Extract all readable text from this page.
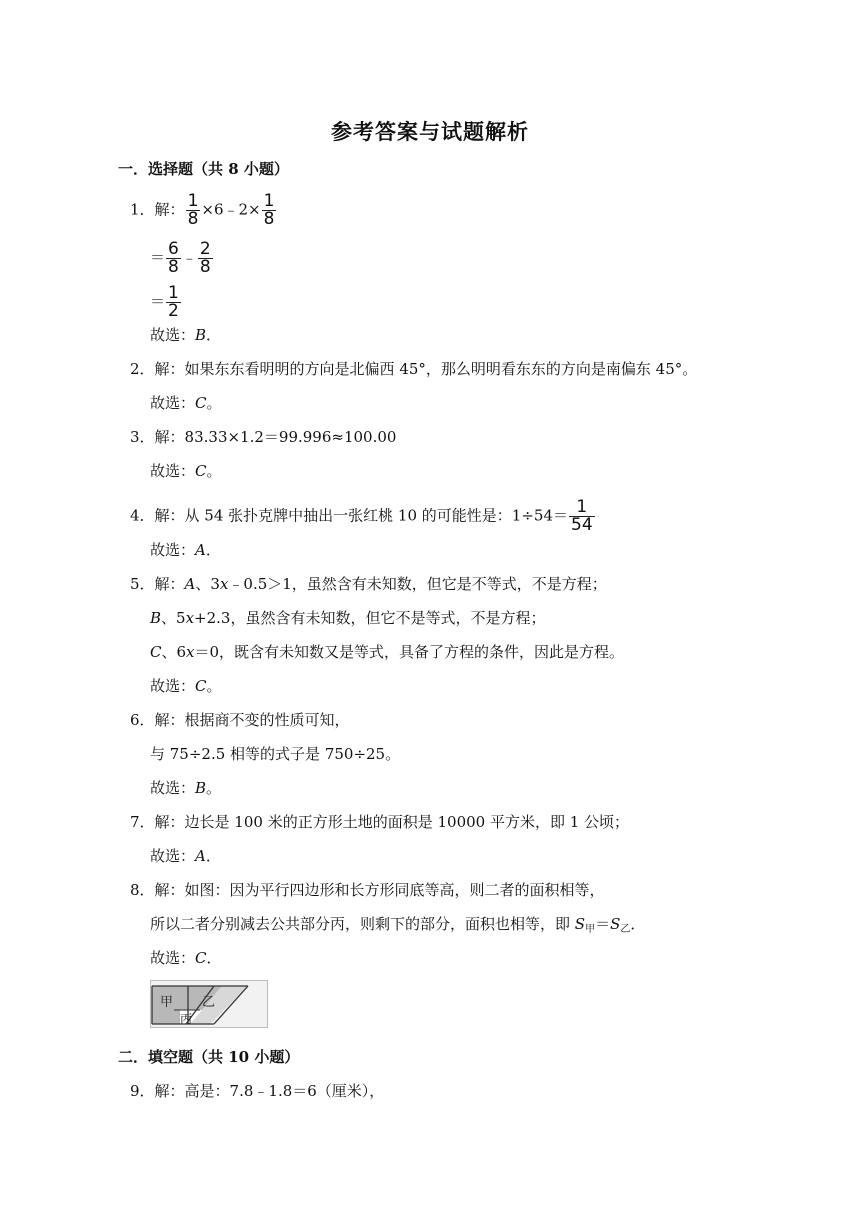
参考答案与试题解析
一．选择题（共 8 小题）
1．解： $\frac{1}{8}$ ×6﹣2× $\frac{1}{8}$
＝ $\frac{6}{8}$ ﹣ $\frac{2}{8}$
＝ $\frac{1}{2}$
故选：B．
2．解：如果东东看明明的方向是北偏西 45°，那么明明看东东的方向是南偏东 45°。
故选：C。
3．解：83.33×1.2＝99.996≈100.00
故选：C。
4．解：从 54 张扑克牌中抽出一张红桃 10 的可能性是：$1\div 54= \frac{1}{54}$
故选：A．
5．解：A、3x﹣0.5＞1，虽然含有未知数，但它是不等式，不是方程；
B、5x+2.3，虽然含有未知数，但它不是等式，不是方程；
C、6x＝0，既含有未知数又是等式，具备了方程的条件，因此是方程。
故选：C。
6．解：根据商不变的性质可知，
与 75÷2.5 相等的式子是 750÷25。
故选：B。
7．解：边长是 100 米的正方形土地的面积是 10000 平方米，即 1 公顷；
故选：A．
8．解：如图：因为平行四边形和长方形同底等高，则二者的面积相等，
所以二者分别减去公共部分丙，则剩下的部分，面积也相等，即 $S_甲=S_乙$．
故选：C．
甲 乙
丙
二．填空题（共 10 小题）
9．解：高是：7.8﹣1.8＝6（厘米），
